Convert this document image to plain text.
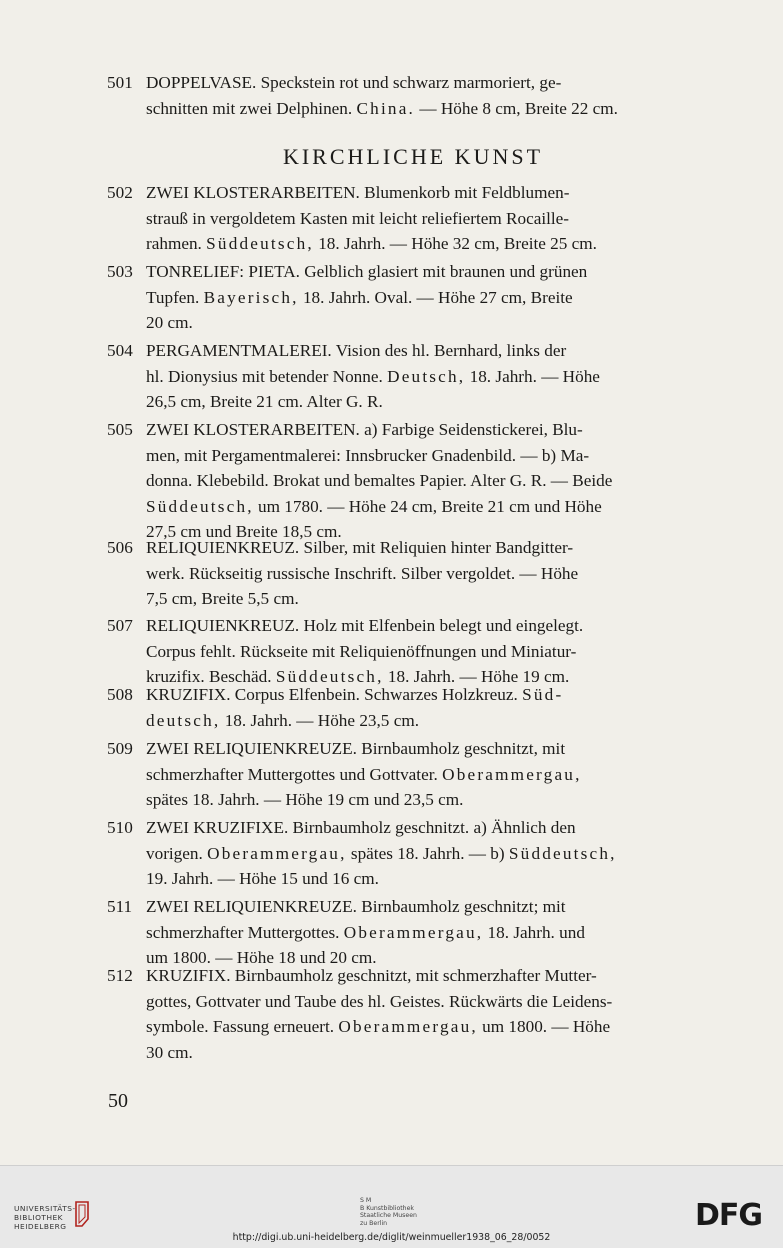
501 DOPPELVASE. Speckstein rot und schwarz marmoriert, ge-
schnitten mit zwei Delphinen. China. — Höhe 8 cm, Breite 22 cm.
KIRCHLICHE KUNST
502 ZWEI KLOSTERARBEITEN. Blumenkorb mit Feldblumen-
strauß in vergoldetem Kasten mit leicht reliefiertem Rocaille-
rahmen. Süddeutsch, 18. Jahrh. — Höhe 32 cm, Breite 25 cm.
503 TONRELIEF: PIETA. Gelblich glasiert mit braunen und grünen
Tupfen. Bayerisch, 18. Jahrh. Oval. — Höhe 27 cm, Breite
20 cm.
504 PERGAMENTMALEREI. Vision des hl. Bernhard, links der
hl. Dionysius mit betender Nonne. Deutsch, 18. Jahrh. — Höhe
26,5 cm, Breite 21 cm. Alter G. R.
505 ZWEI KLOSTERARBEITEN. a) Farbige Seidenstickerei, Blu-
men, mit Pergamentmalerei: Innsbrucker Gnadenbild. — b) Ma-
donna. Klebebild. Brokat und bemaltes Papier. Alter G. R. — Beide
Süddeutsch, um 1780. — Höhe 24 cm, Breite 21 cm und Höhe
27,5 cm und Breite 18,5 cm.
506 RELIQUIENKREUZ. Silber, mit Reliquien hinter Bandgitter-
werk. Rückseitig russische Inschrift. Silber vergoldet. — Höhe
7,5 cm, Breite 5,5 cm.
507 RELIQUIENKREUZ. Holz mit Elfenbein belegt und eingelegt.
Corpus fehlt. Rückseite mit Reliquienöffnungen und Miniatur-
kruzifix. Beschäd. Süddeutsch, 18. Jahrh. — Höhe 19 cm.
508 KRUZIFIX. Corpus Elfenbein. Schwarzes Holzkreuz. Süd-
deutsch, 18. Jahrh. — Höhe 23,5 cm.
509 ZWEI RELIQUIENKREUZE. Birnbaumholz geschnitzt, mit
schmerzhafter Muttergottes und Gottvater. Oberammergau,
spätes 18. Jahrh. — Höhe 19 cm und 23,5 cm.
510 ZWEI KRUZIFIXE. Birnbaumholz geschnitzt. a) Ähnlich den
vorigen. Oberammergau, spätes 18. Jahrh. — b) Süddeutsch,
19. Jahrh. — Höhe 15 und 16 cm.
511 ZWEI RELIQUIENKREUZE. Birnbaumholz geschnitzt; mit
schmerzhafter Muttergottes. Oberammergau, 18. Jahrh. und
um 1800. — Höhe 18 und 20 cm.
512 KRUZIFIX. Birnbaumholz geschnitzt, mit schmerzhafter Mutter-
gottes, Gottvater und Taube des hl. Geistes. Rückwärts die Leidens-
symbole. Fassung erneuert. Oberammergau, um 1800. — Höhe
30 cm.
50
UNIVERSITÄTS-
BIBLIOTHEK
HEIDELBERG
S M
B Kunstbibliothek
Staatliche Museen
zu Berlin	DFG
http://digi.ub.uni-heidelberg.de/diglit/weinmueller1938_06_28/0052
